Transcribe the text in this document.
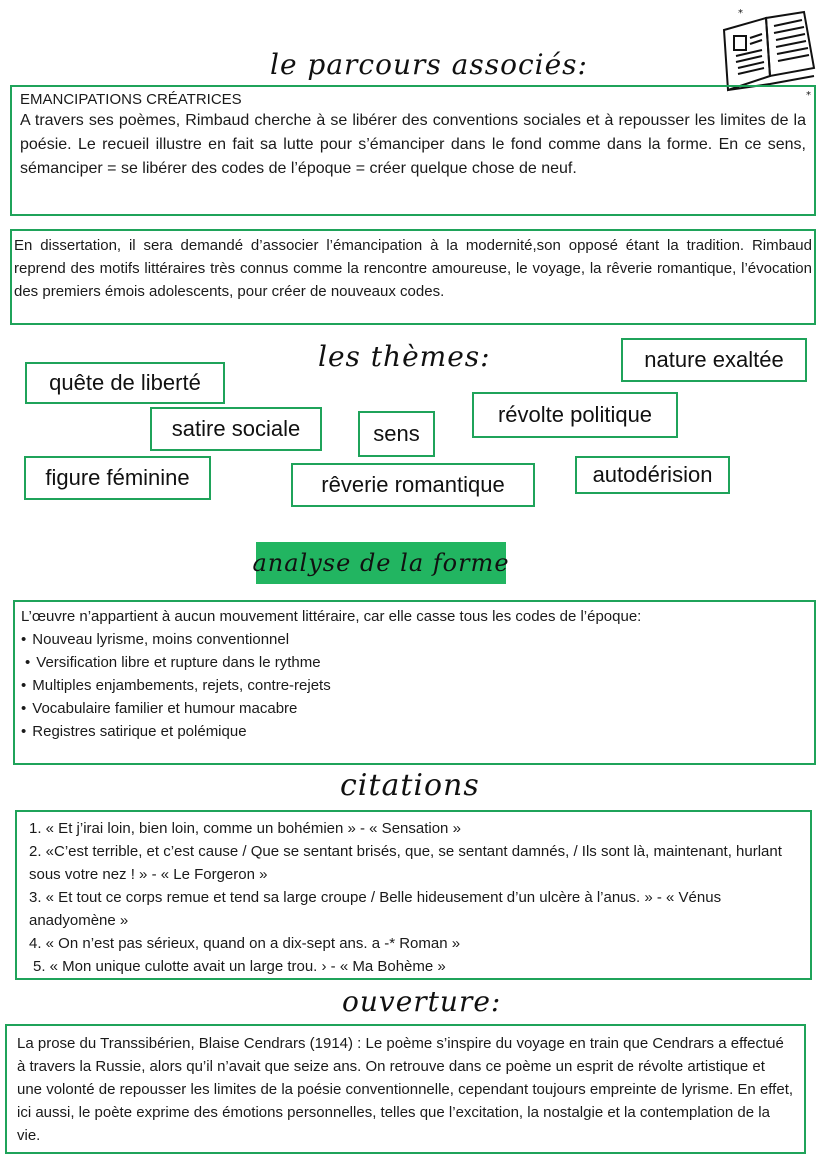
*
*
le parcours associés:

EMANCIPATIONS CRÉATRICES

A travers ses poèmes, Rimbaud cherche à se libérer des conventions sociales et à repousser les limites de la poésie. Le recueil illustre en fait sa lutte pour s’émanciper dans le fond comme dans la forme. En ce sens, sémanciper = se libérer des codes de l’époque = créer quelque chose de neuf.

En dissertation, il sera demandé d’associer l’émancipation à la modernité,son opposé étant la tradition. Rimbaud reprend des motifs littéraires très connus comme la rencontre amoureuse, le voyage, la rêverie romantique, l’évocation des premiers émois adolescents, pour créer de nouveaux codes.

les thèmes:	nature exaltée
quête de liberté
révolte politique
satire sociale	sens
figure féminine	rêverie romantique	autodérision
analyse de la forme

L’œuvre n’appartient à aucun mouvement littéraire, car elle casse tous les codes de l’époque:

• Nouveau lyrisme, moins conventionnel
• Versification libre et rupture dans le rythme
• Multiples enjambements, rejets, contre-rejets
• Vocabulaire familier et humour macabre
• Registres satirique et polémique
citations
1. « Et j’irai loin, bien loin, comme un bohémien » - « Sensation »
2. «C’est terrible, et c’est cause / Que se sentant brisés, que, se sentant damnés, / Ils sont là, maintenant, hurlant sous votre nez ! » - « Le Forgeron »
3. « Et tout ce corps remue et tend sa large croupe / Belle hideusement d’un ulcère à l’anus. » - « Vénus anadyomène »
4. « On n’est pas sérieux, quand on a dix-sept ans. a -* Roman »
5. « Mon unique culotte avait un large trou. › - « Ma Bohème »
ouverture:

La prose du Transsibérien, Blaise Cendrars (1914) : Le poème s’inspire du voyage en train que Cendrars a effectué à travers la Russie, alors qu’il n’avait que seize ans. On retrouve dans ce poème un esprit de révolte artistique et une volonté de repousser les limites de la poésie conventionnelle, cependant toujours empreinte de lyrisme. En effet, ici aussi, le poète exprime des émotions personnelles, telles que l’excitation, la nostalgie et la contemplation de la vie.
